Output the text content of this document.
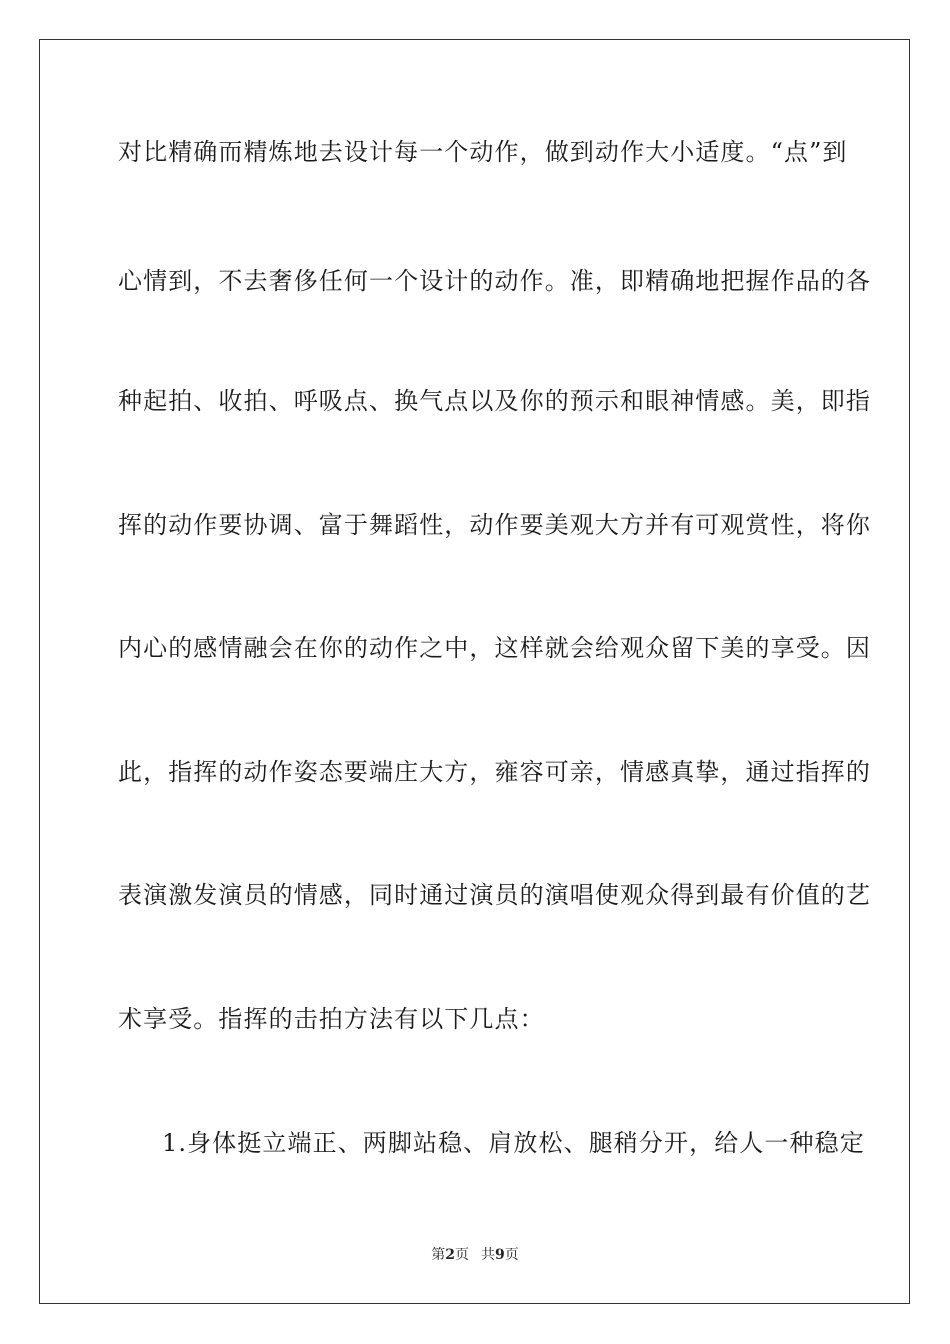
对比精确而精炼地去设计每一个动作，做到动作大小适度。“点”到
心情到，不去奢侈任何一个设计的动作。准，即精确地把握作品的各
种起拍、收拍、呼吸点、换气点以及你的预示和眼神情感。美，即指
挥的动作要协调、富于舞蹈性，动作要美观大方并有可观赏性，将你
内心的感情融会在你的动作之中，这样就会给观众留下美的享受。因
此，指挥的动作姿态要端庄大方，雍容可亲，情感真挚，通过指挥的
表演激发演员的情感，同时通过演员的演唱使观众得到最有价值的艺
术享受。指挥的击拍方法有以下几点：
1.身体挺立端正、两脚站稳、肩放松、腿稍分开，给人一种稳定
第2页 共9页
